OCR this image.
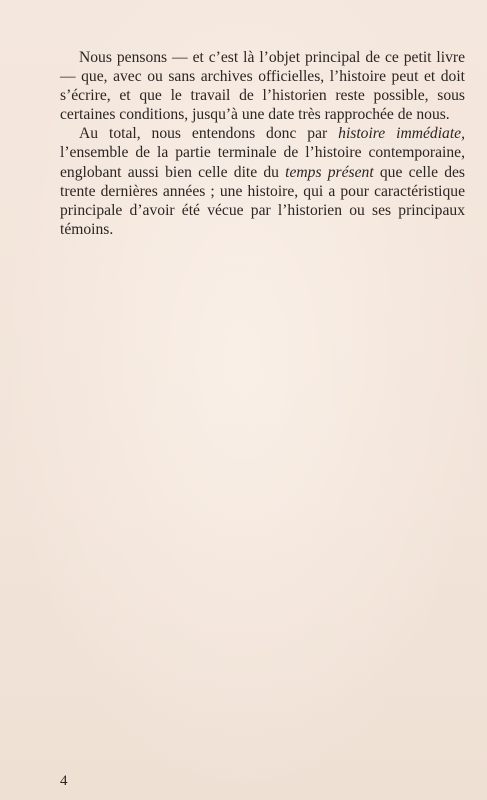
Nous pensons — et c’est là l’objet principal de ce petit livre — que, avec ou sans archives officielles, l’histoire peut et doit s’écrire, et que le travail de l’historien reste possible, sous certaines conditions, jusqu’à une date très rapprochée de nous.

Au total, nous entendons donc par histoire immédiate, l’ensemble de la partie terminale de l’histoire contemporaine, englobant aussi bien celle dite du temps présent que celle des trente dernières années ; une histoire, qui a pour caractéristique principale d’avoir été vécue par l’historien ou ses principaux témoins.

4
